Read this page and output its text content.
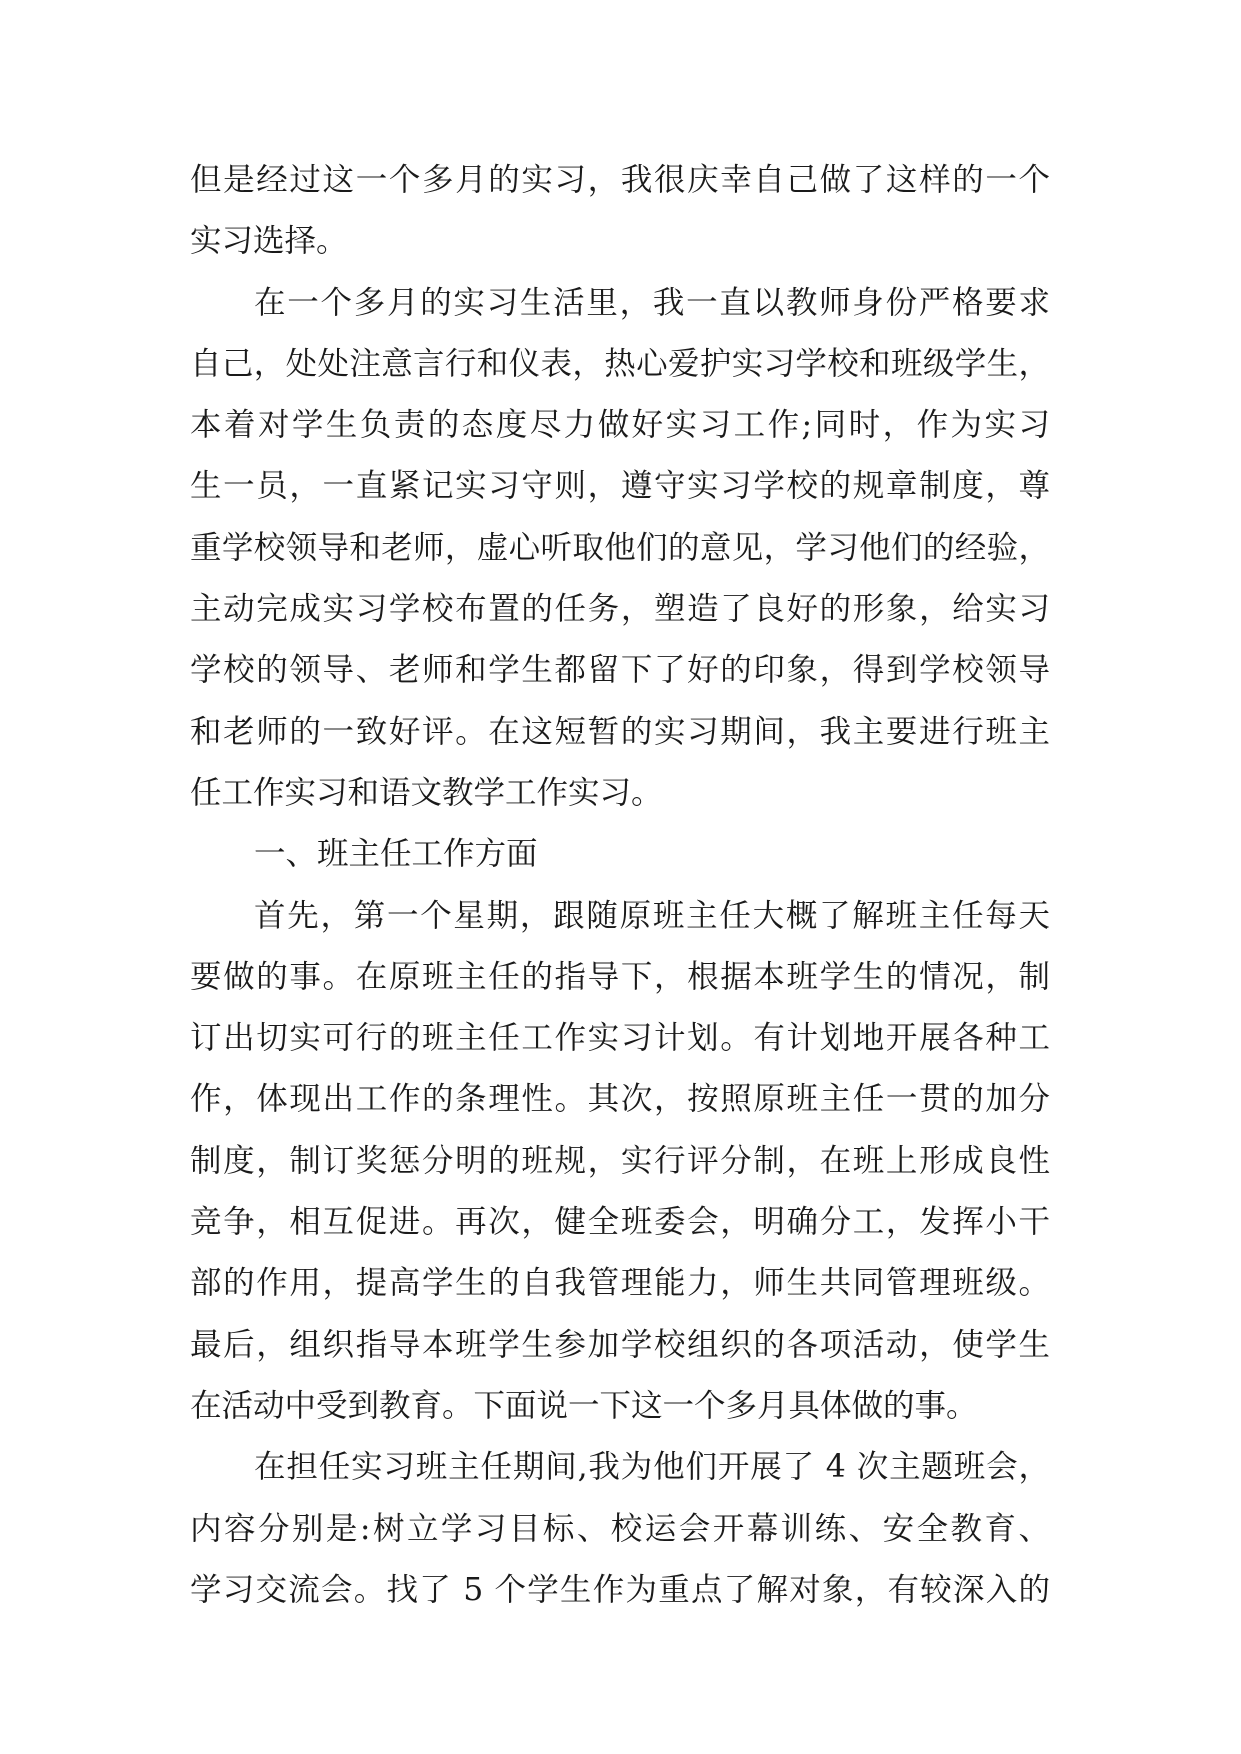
但是经过这一个多月的实习，我很庆幸自己做了这样的一个
实习选择。
在一个多月的实习生活里，我一直以教师身份严格要求
自己，处处注意言行和仪表，热心爱护实习学校和班级学生，
本着对学生负责的态度尽力做好实习工作;同时，作为实习
生一员，一直紧记实习守则，遵守实习学校的规章制度，尊
重学校领导和老师，虚心听取他们的意见，学习他们的经验，
主动完成实习学校布置的任务，塑造了良好的形象，给实习
学校的领导、老师和学生都留下了好的印象，得到学校领导
和老师的一致好评。在这短暂的实习期间，我主要进行班主
任工作实习和语文教学工作实习。
一、班主任工作方面
首先，第一个星期，跟随原班主任大概了解班主任每天
要做的事。在原班主任的指导下，根据本班学生的情况，制
订出切实可行的班主任工作实习计划。有计划地开展各种工
作，体现出工作的条理性。其次，按照原班主任一贯的加分
制度，制订奖惩分明的班规，实行评分制，在班上形成良性
竞争，相互促进。再次，健全班委会，明确分工，发挥小干
部的作用，提高学生的自我管理能力，师生共同管理班级。
最后，组织指导本班学生参加学校组织的各项活动，使学生
在活动中受到教育。下面说一下这一个多月具体做的事。
在担任实习班主任期间,我为他们开展了 4 次主题班会，
内容分别是:树立学习目标、校运会开幕训练、安全教育、
学习交流会。找了 5 个学生作为重点了解对象，有较深入的
